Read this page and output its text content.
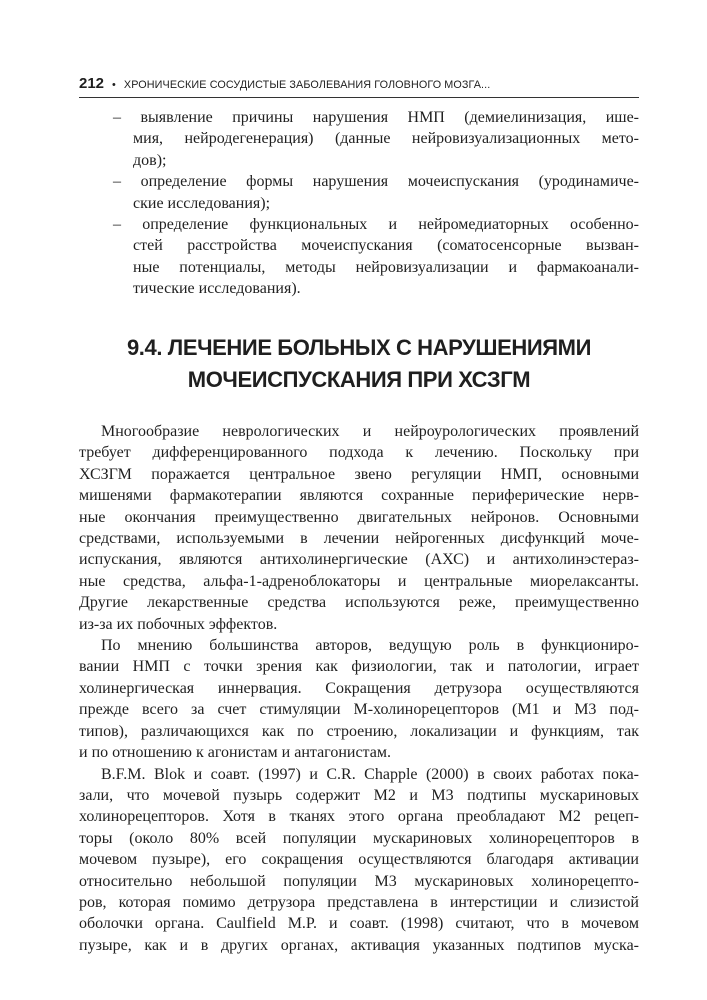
212 • ХРОНИЧЕСКИЕ СОСУДИСТЫЕ ЗАБОЛЕВАНИЯ ГОЛОВНОГО МОЗГА...
– выявление причины нарушения НМП (демиелинизация, ише-
мия, нейродегенерация) (данные нейровизуализационных мето-
дов);
– определение формы нарушения мочеиспускания (уродинамиче-
ские исследования);
– определение функциональных и нейромедиаторных особенно-
стей расстройства мочеиспускания (соматосенсорные вызван-
ные потенциалы, методы нейровизуализации и фармакоанали-
тические исследования).
9.4. ЛЕЧЕНИЕ БОЛЬНЫХ С НАРУШЕНИЯМИ
МОЧЕИСПУСКАНИЯ ПРИ ХСЗГМ
Многообразие неврологических и нейроурологических проявлений
требует дифференцированного подхода к лечению. Поскольку при
ХСЗГМ поражается центральное звено регуляции НМП, основными
мишенями фармакотерапии являются сохранные периферические нерв-
ные окончания преимущественно двигательных нейронов. Основными
средствами, используемыми в лечении нейрогенных дисфункций моче-
испускания, являются антихолинергические (АХС) и антихолинэстераз-
ные средства, альфа-1-адреноблокаторы и центральные миорелаксанты.
Другие лекарственные средства используются реже, преимущественно
из-за их побочных эффектов.
По мнению большинства авторов, ведущую роль в функциониро-
вании НМП с точки зрения как физиологии, так и патологии, играет
холинергическая иннервация. Сокращения детрузора осуществляются
прежде всего за счет стимуляции М-холинорецепторов (М1 и М3 под-
типов), различающихся как по строению, локализации и функциям, так
и по отношению к агонистам и антагонистам.
B.F.M. Blok и соавт. (1997) и C.R. Chapple (2000) в своих работах пока-
зали, что мочевой пузырь содержит М2 и М3 подтипы мускариновых
холинорецепторов. Хотя в тканях этого органа преобладают М2 рецеп-
торы (около 80% всей популяции мускариновых холинорецепторов в
мочевом пузыре), его сокращения осуществляются благодаря активации
относительно небольшой популяции М3 мускариновых холинорецепто-
ров, которая помимо детрузора представлена в интерстиции и слизистой
оболочки органа. Caulfield M.P. и соавт. (1998) считают, что в мочевом
пузыре, как и в других органах, активация указанных подтипов муска-
